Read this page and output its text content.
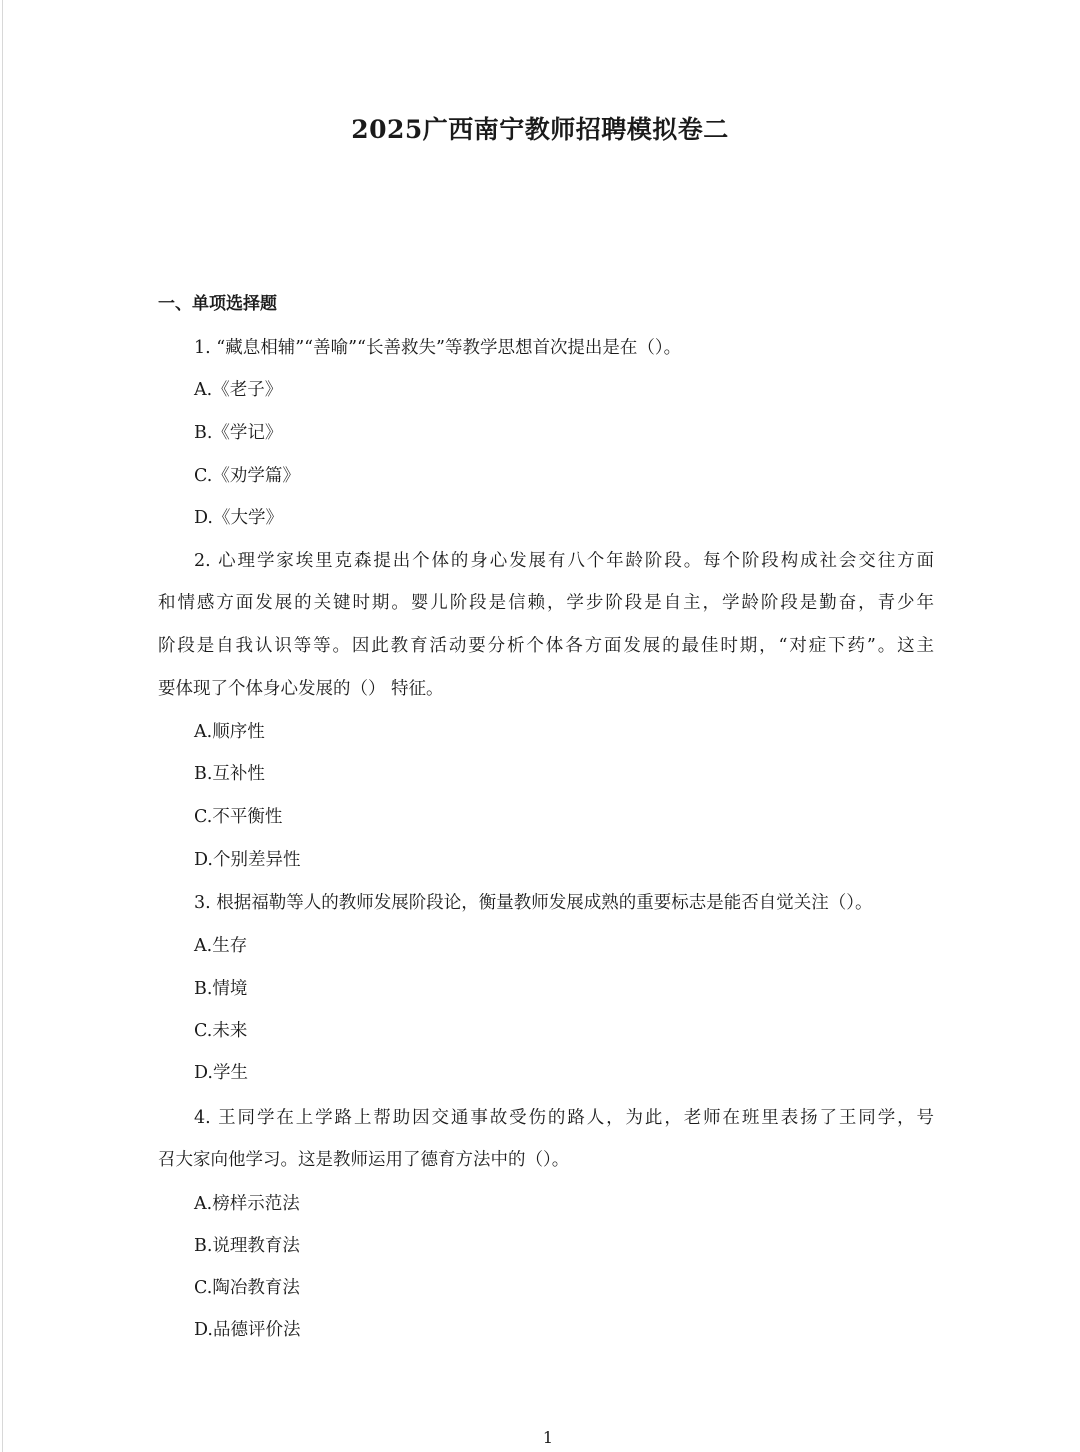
2025广西南宁教师招聘模拟卷二
一、单项选择题
1. “藏息相辅”“善喻”“长善救失”等教学思想首次提出是在（）。
A.《老子》
B.《学记》
C.《劝学篇》
D.《大学》
2. 心理学家埃里克森提出个体的身心发展有八个年龄阶段。每个阶段构成社会交往方面
和情感方面发展的关键时期。婴儿阶段是信赖，学步阶段是自主，学龄阶段是勤奋，青少年
阶段是自我认识等等。因此教育活动要分析个体各方面发展的最佳时期，“对症下药”。这主
要体现了个体身心发展的（） 特征。
A.顺序性
B.互补性
C.不平衡性
D.个别差异性
3. 根据福勒等人的教师发展阶段论，衡量教师发展成熟的重要标志是能否自觉关注（）。
A.生存
B.情境
C.未来
D.学生
4. 王同学在上学路上帮助因交通事故受伤的路人，为此，老师在班里表扬了王同学，号
召大家向他学习。这是教师运用了德育方法中的（）。
A.榜样示范法
B.说理教育法
C.陶冶教育法
D.品德评价法
1
